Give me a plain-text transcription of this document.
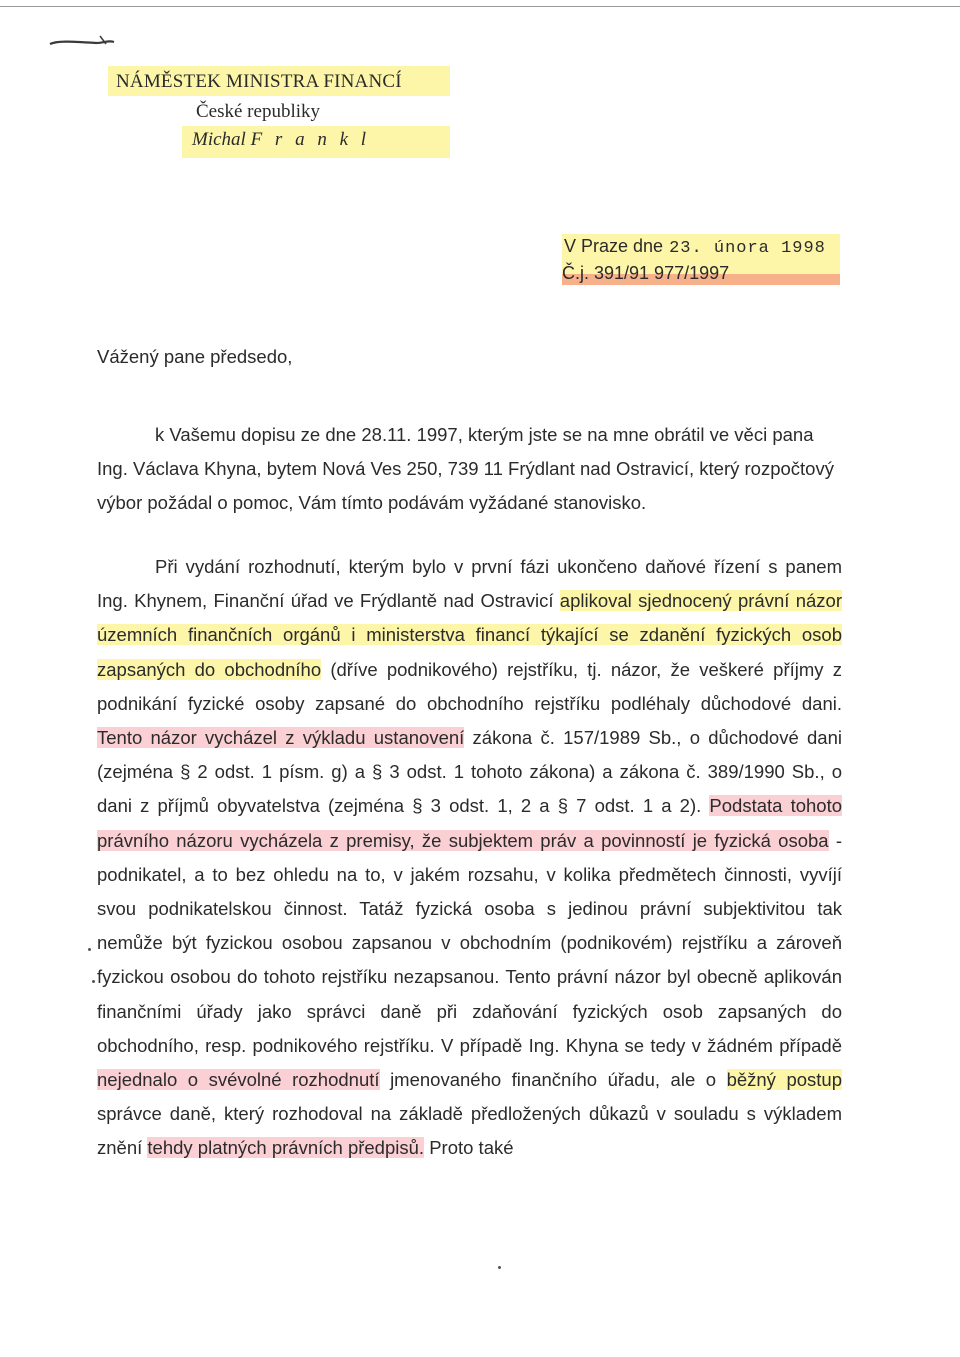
NÁMĚSTEK MINISTRA FINANCÍ
České republiky
Michal F r a n k l
V Praze dne 23. února 1998
Č.j. 391/91 977/1997
Vážený pane předsedo,
k Vašemu dopisu ze dne 28.11. 1997, kterým jste se na mne obrátil ve věci pana Ing. Václava Khyna, bytem Nová Ves 250, 739 11 Frýdlant nad Ostravicí, který rozpočtový výbor požádal o pomoc, Vám tímto podávám vyžádané stanovisko.
Při vydání rozhodnutí, kterým bylo v první fázi ukončeno daňové řízení s panem Ing. Khynem, Finanční úřad ve Frýdlantě nad Ostravicí aplikoval sjednocený právní názor územních finančních orgánů i ministerstva financí týkající se zdanění fyzických osob zapsaných do obchodního (dříve podnikového) rejstříku, tj. názor, že veškeré příjmy z podnikání fyzické osoby zapsané do obchodního rejstříku podléhaly důchodové dani. Tento názor vycházel z výkladu ustanovení zákona č. 157/1989 Sb., o důchodové dani (zejména § 2 odst. 1 písm. g) a § 3 odst. 1 tohoto zákona) a zákona č. 389/1990 Sb., o dani z příjmů obyvatelstva (zejména § 3 odst. 1, 2 a § 7 odst. 1 a 2). Podstata tohoto právního názoru vycházela z premisy, že subjektem práv a povinností je fyzická osoba - podnikatel, a to bez ohledu na to, v jakém rozsahu, v kolika předmětech činnosti, vyvíjí svou podnikatelskou činnost. Tatáž fyzická osoba s jedinou právní subjektivitou tak nemůže být fyzickou osobou zapsanou v obchodním (podnikovém) rejstříku a zároveň fyzickou osobou do tohoto rejstříku nezapsanou. Tento právní názor byl obecně aplikován finančními úřady jako správci daně při zdaňování fyzických osob zapsaných do obchodního, resp. podnikového rejstříku. V případě Ing. Khyna se tedy v žádném případě nejednalo o svévolné rozhodnutí jmenovaného finančního úřadu, ale o běžný postup správce daně, který rozhodoval na základě předložených důkazů v souladu s výkladem znění tehdy platných právních předpisů. Proto také
